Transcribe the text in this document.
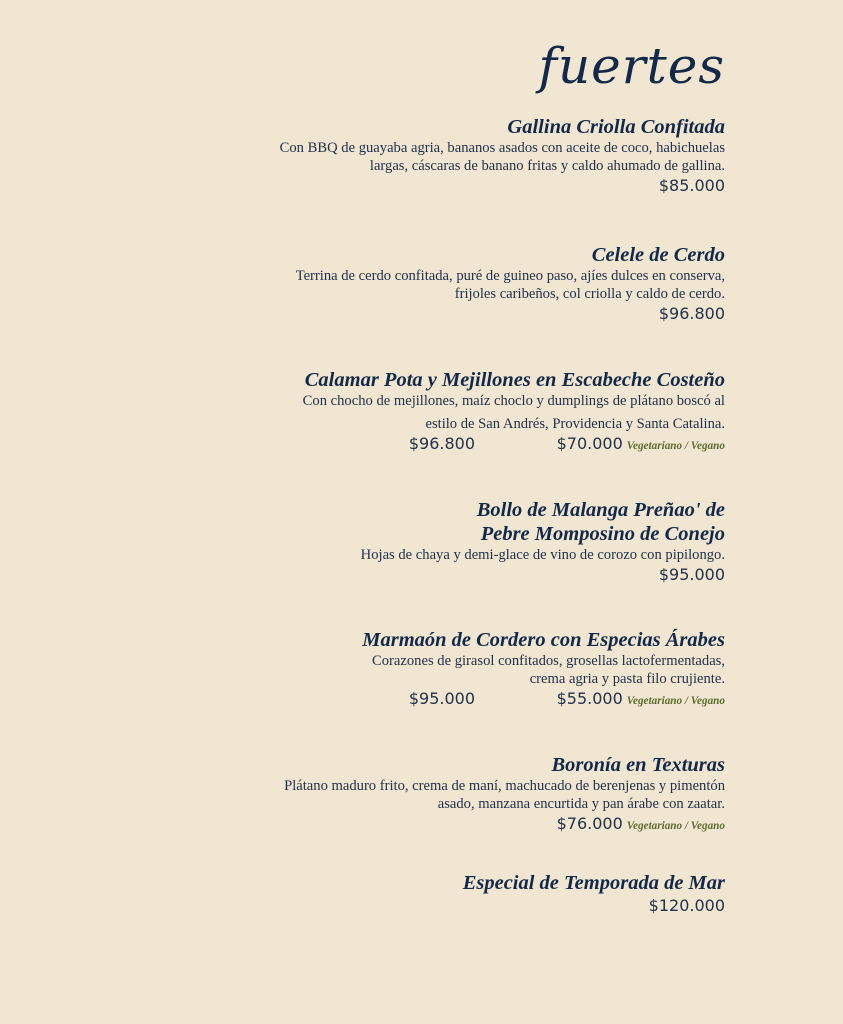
fuertes
Gallina Criolla Confitada
Con BBQ de guayaba agria, bananos asados con aceite de coco, habichuelas
largas, cáscaras de banano fritas y caldo ahumado de gallina.
$85.000
Celele de Cerdo
Terrina de cerdo confitada, puré de guineo paso, ajíes dulces en conserva,
frijoles caribeños, col criolla y caldo de cerdo.
$96.800
Calamar Pota y Mejillones en Escabeche Costeño
Con chocho de mejillones, maíz choclo y dumplings de plátano boscó al
estilo de San Andrés, Providencia y Santa Catalina.
$96.800	$70.000 Vegetariano / Vegano
Bollo de Malanga Preñao' de
Pebre Momposino de Conejo
Hojas de chaya y demi-glace de vino de corozo con pipilongo.
$95.000
Marmaón de Cordero con Especias Árabes
Corazones de girasol confitados, grosellas lactofermentadas,
crema agria y pasta filo crujiente.
$95.000	$55.000 Vegetariano / Vegano
Boronía en Texturas
Plátano maduro frito, crema de maní, machucado de berenjenas y pimentón
asado, manzana encurtida y pan árabe con zaatar.
$76.000 Vegetariano / Vegano
Especial de Temporada de Mar
$120.000
